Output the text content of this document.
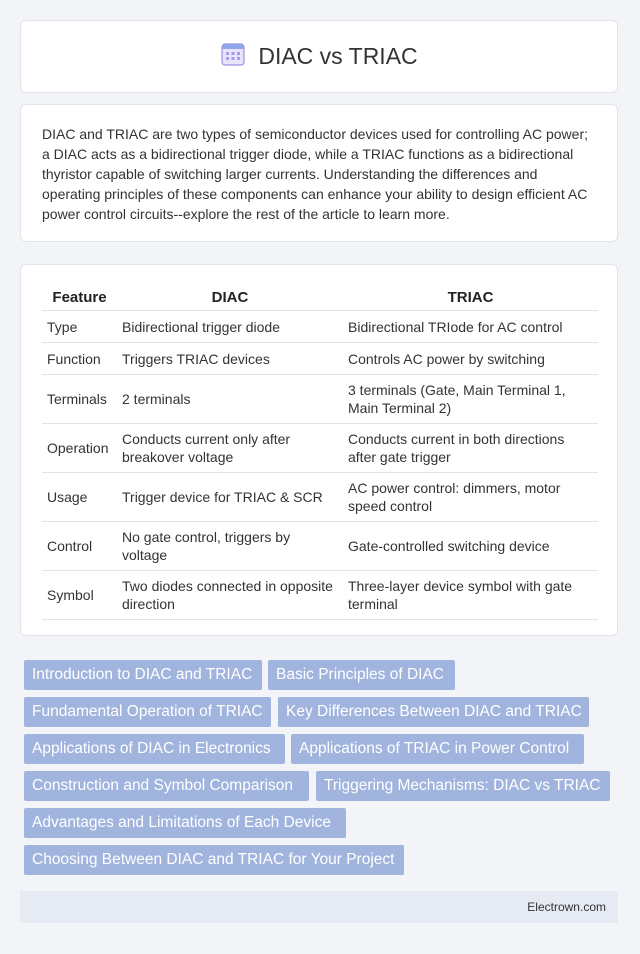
DIAC vs TRIAC

DIAC and TRIAC are two types of semiconductor devices used for controlling AC power; a DIAC acts as a bidirectional trigger diode, while a TRIAC functions as a bidirectional thyristor capable of switching larger currents. Understanding the differences and operating principles of these components can enhance your ability to design efficient AC power control circuits--explore the rest of the article to learn more.

Feature	DIAC	TRIAC
Type	Bidirectional trigger diode	Bidirectional TRIode for AC control
Function	Triggers TRIAC devices	Controls AC power by switching
Terminals	2 terminals	3 terminals (Gate, Main Terminal 1, Main Terminal 2)
Operation	Conducts current only after breakover voltage	Conducts current in both directions after gate trigger
Usage	Trigger device for TRIAC & SCR	AC power control: dimmers, motor speed control
Control	No gate control, triggers by voltage	Gate-controlled switching device
Symbol	Two diodes connected in opposite direction	Three-layer device symbol with gate terminal
Introduction to DIAC and TRIAC	Basic Principles of DIAC
Fundamental Operation of TRIAC	Key Differences Between DIAC and TRIAC
Applications of DIAC in Electronics	Applications of TRIAC in Power Control
Construction and Symbol Comparison	Triggering Mechanisms: DIAC vs TRIAC
Advantages and Limitations of Each Device
Choosing Between DIAC and TRIAC for Your Project
Electrown.com
